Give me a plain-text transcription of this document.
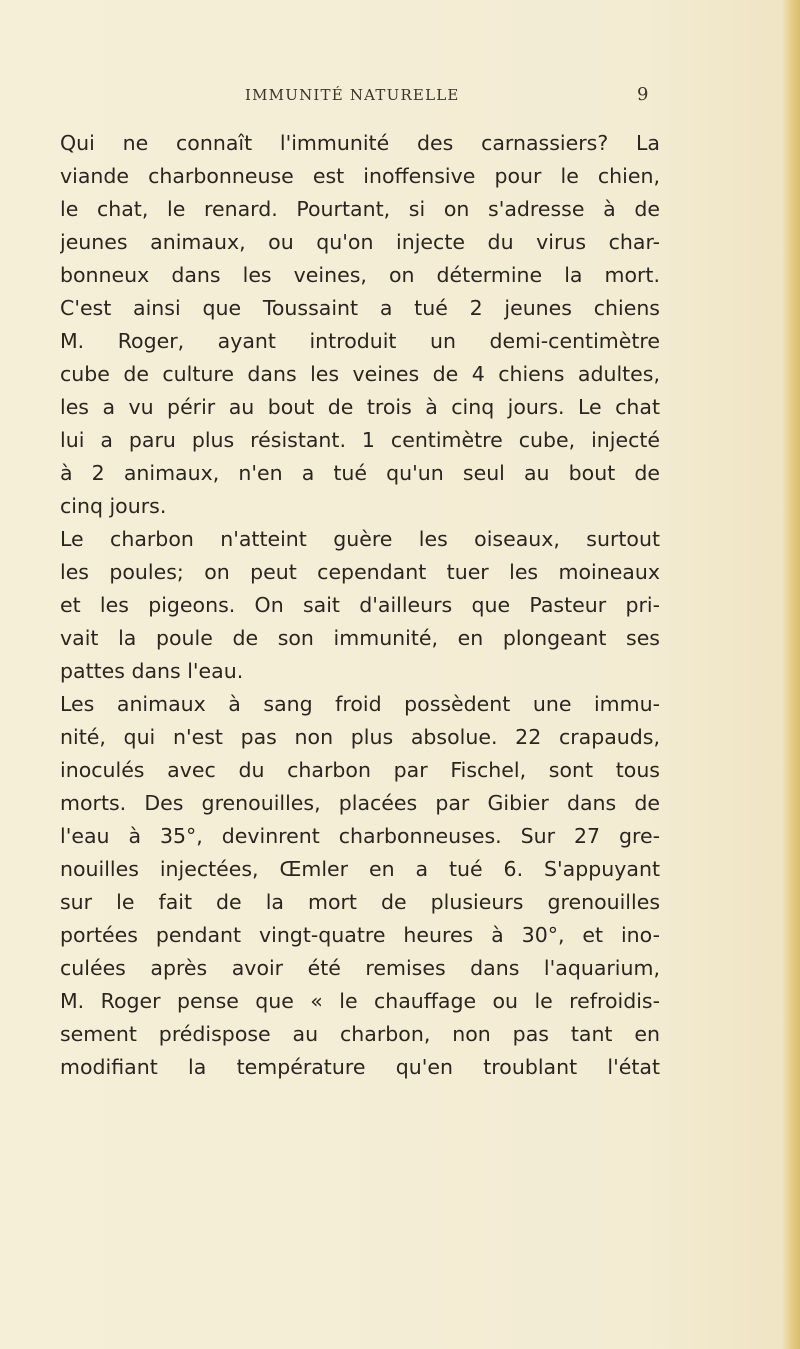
IMMUNITÉ NATURELLE	9
Qui ne connaît l'immunité des carnassiers? La
viande charbonneuse est inoffensive pour le chien,
le chat, le renard. Pourtant, si on s'adresse à de
jeunes animaux, ou qu'on injecte du virus char-
bonneux dans les veines, on détermine la mort.
C'est ainsi que Toussaint a tué 2 jeunes chiens
M. Roger, ayant introduit un demi-centimètre
cube de culture dans les veines de 4 chiens adultes,
les a vu périr au bout de trois à cinq jours. Le chat
lui a paru plus résistant. 1 centimètre cube, injecté
à 2 animaux, n'en a tué qu'un seul au bout de
cinq jours.
Le charbon n'atteint guère les oiseaux, surtout
les poules; on peut cependant tuer les moineaux
et les pigeons. On sait d'ailleurs que Pasteur pri-
vait la poule de son immunité, en plongeant ses
pattes dans l'eau.
Les animaux à sang froid possèdent une immu-
nité, qui n'est pas non plus absolue. 22 crapauds,
inoculés avec du charbon par Fischel, sont tous
morts. Des grenouilles, placées par Gibier dans de
l'eau à 35°, devinrent charbonneuses. Sur 27 gre-
nouilles injectées, Œmler en a tué 6. S'appuyant
sur le fait de la mort de plusieurs grenouilles
portées pendant vingt-quatre heures à 30°, et ino-
culées après avoir été remises dans l'aquarium,
M. Roger pense que « le chauffage ou le refroidis-
sement prédispose au charbon, non pas tant en
modifiant la température qu'en troublant l'état
